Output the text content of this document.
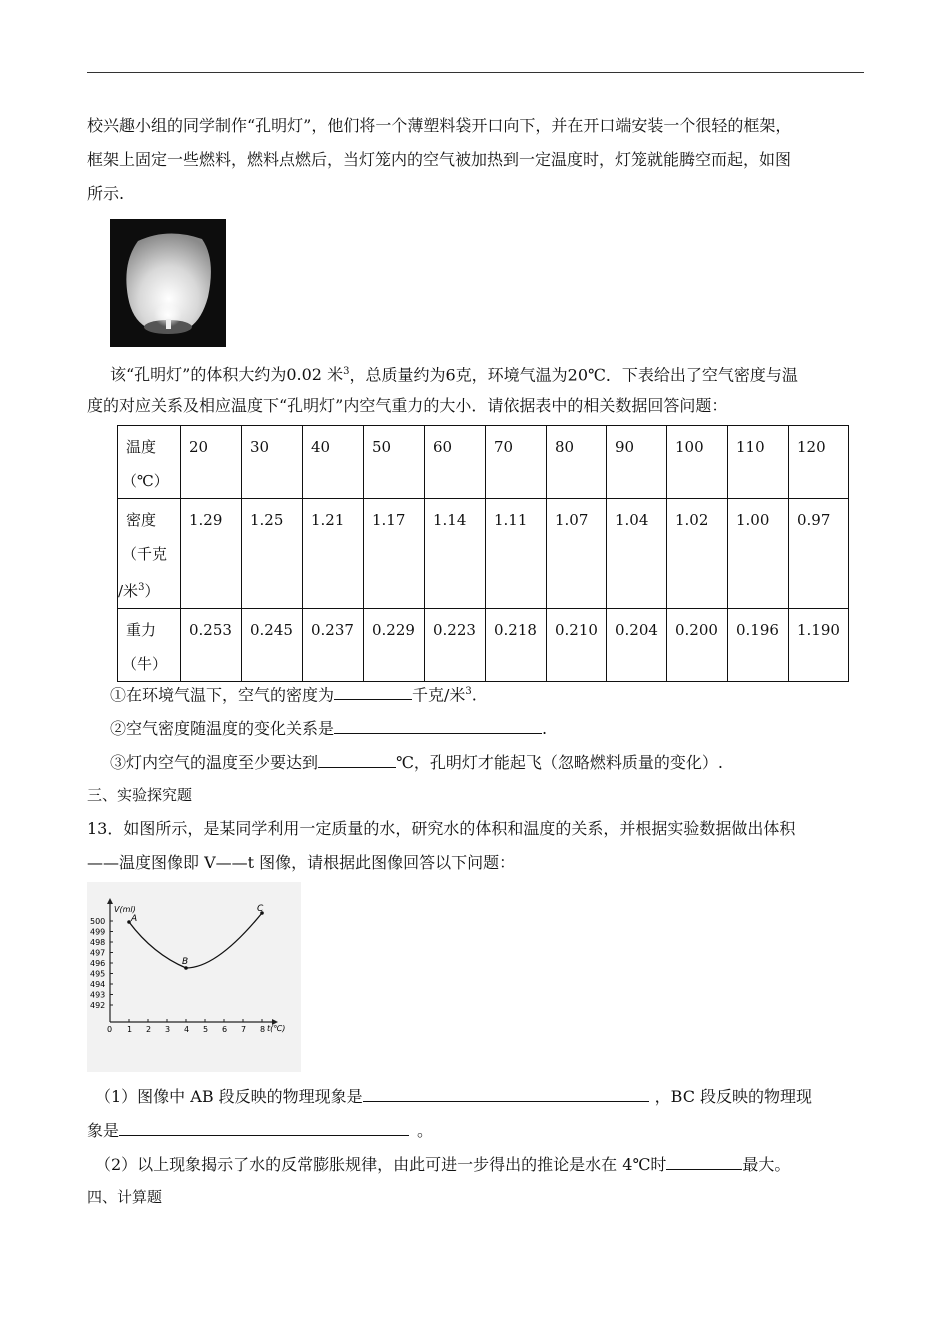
校兴趣小组的同学制作“孔明灯”，他们将一个薄塑料袋开口向下，并在开口端安装一个很轻的框架，
框架上固定一些燃料，燃料点燃后，当灯笼内的空气被加热到一定温度时，灯笼就能腾空而起，如图
所示.
该“孔明灯”的体积大约为0.02 米$^3$，总质量约为6克，环境气温为20℃．下表给出了空气密度与温
度的对应关系及相应温度下“孔明灯”内空气重力的大小．请依据表中的相关数据回答问题：
温度
（℃）	20	30	40	50	60	70	80	90	100	110	120

密度
（千克
/米$^3$）	1.29	1.25	1.21	1.17	1.14	1.11	1.07	1.04	1.02	1.00	0.97

重力
（牛）	0.253	0.245	0.237	0.229	0.223	0.218	0.210	0.204	0.200	0.196	1.190
①在环境气温下，空气的密度为	千克/米$^3$.
②空气密度随温度的变化关系是	.
③灯内空气的温度至少要达到	℃，孔明灯才能起飞（忽略燃料质量的变化）.
三、实验探究题
13．如图所示，是某同学利用一定质量的水，研究水的体积和温度的关系，并根据实验数据做出体积
——温度图像即 V——t 图像，请根据此图像回答以下问题：
V(ml)
t(℃)
500
499
498
497
496
495
494
493
492
0 1 2 3 4 5 6 7 8
A
B
C
（1）图像中 AB 段反映的物理现象是	，BC 段反映的物理现
象是	。
（2）以上现象揭示了水的反常膨胀规律，由此可进一步得出的推论是水在 4℃时	最大。
四、计算题
